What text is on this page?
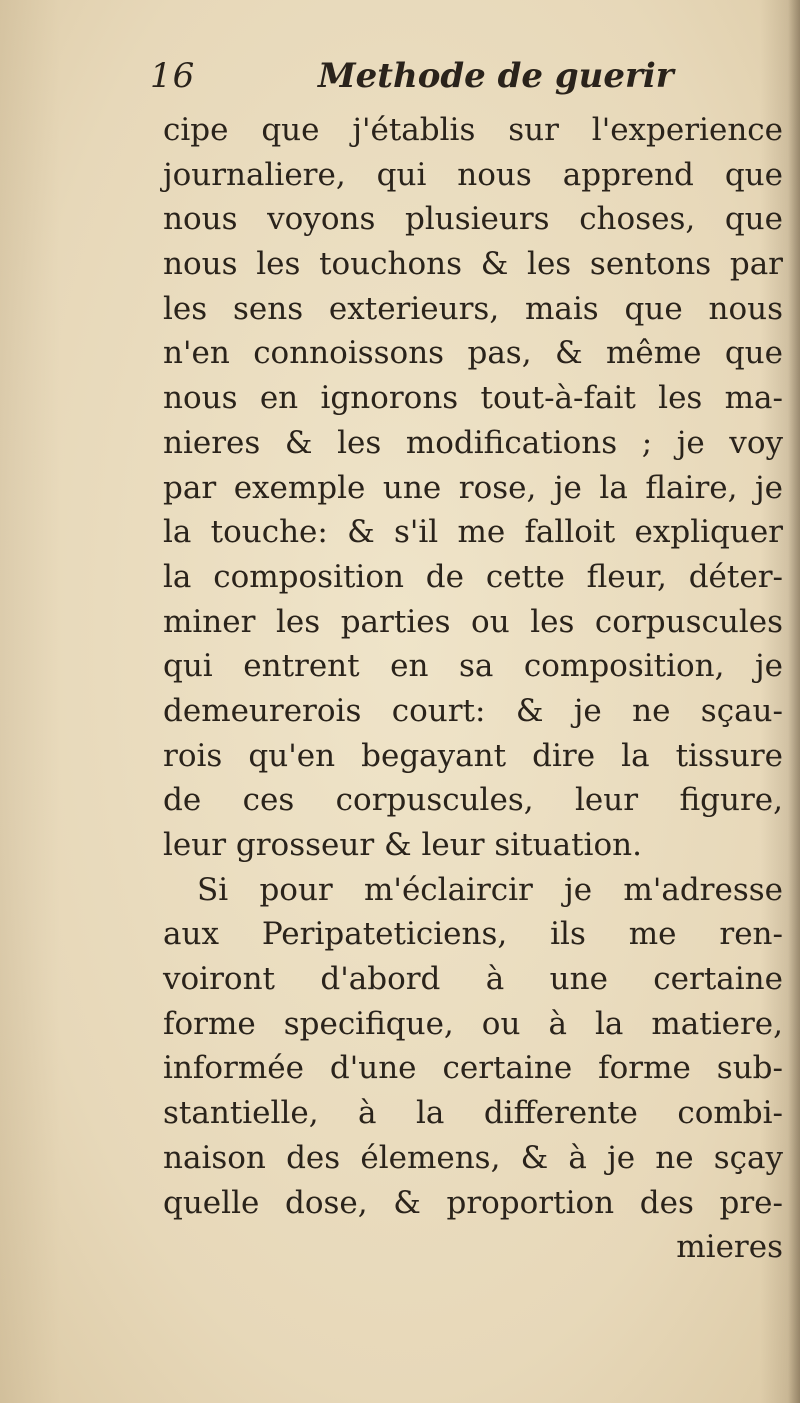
16	Methode de guerir
cipe que j'établis sur l'experience
journaliere, qui nous apprend que
nous voyons plusieurs choses, que
nous les touchons & les sentons par
les sens exterieurs, mais que nous
n'en connoissons pas, & même que
nous en ignorons tout-à-fait les ma-
nieres & les modifications ; je voy
par exemple une rose, je la flaire, je
la touche: & s'il me falloit expliquer
la composition de cette fleur, déter-
miner les parties ou les corpuscules
qui entrent en sa composition, je
demeurerois court: & je ne sçau-
rois qu'en begayant dire la tissure
de ces corpuscules, leur figure,
leur grosseur & leur situation.
Si pour m'éclaircir je m'adresse
aux Peripateticiens, ils me ren-
voiront d'abord à une certaine
forme specifique, ou à la matiere,
informée d'une certaine forme sub-
stantielle, à la differente combi-
naison des élemens, & à je ne sçay
quelle dose, & proportion des pre-
mieres
